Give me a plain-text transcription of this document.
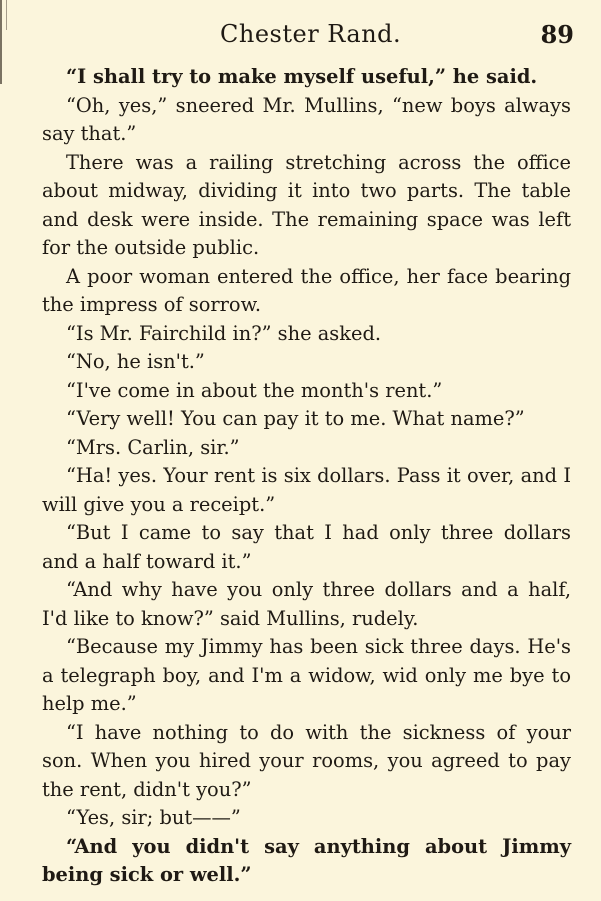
Chester Rand.	89

“I shall try to make myself useful,” he said.

“Oh, yes,” sneered Mr. Mullins, “new boys always say that.”

There was a railing stretching across the office about midway, dividing it into two parts. The table and desk were inside. The remaining space was left for the outside public.

A poor woman entered the office, her face bearing the impress of sorrow.

“Is Mr. Fairchild in?” she asked.

“No, he isn't.”

“I've come in about the month's rent.”

“Very well! You can pay it to me. What name?”

“Mrs. Carlin, sir.”

“Ha! yes. Your rent is six dollars. Pass it over, and I will give you a receipt.”

“But I came to say that I had only three dollars and a half toward it.”

“And why have you only three dollars and a half, I'd like to know?” said Mullins, rudely.

“Because my Jimmy has been sick three days. He's a telegraph boy, and I'm a widow, wid only me bye to help me.”

“I have nothing to do with the sickness of your son. When you hired your rooms, you agreed to pay the rent, didn't you?”

“Yes, sir; but——”

“And you didn't say anything about Jimmy being sick or well.”
